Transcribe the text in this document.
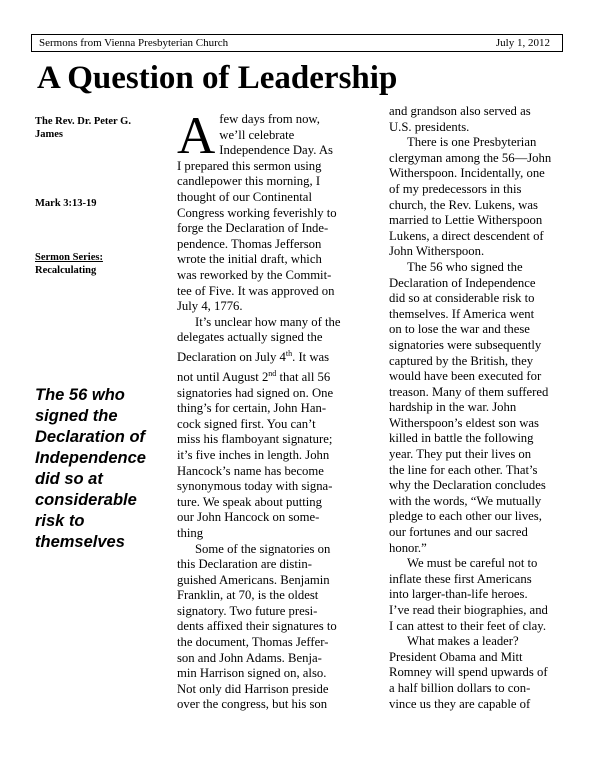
Sermons from Vienna Presbyterian Church	July 1, 2012
A Question of Leadership
The Rev. Dr. Peter G. James
Mark 3:13-19
Sermon Series:
Recalculating
The 56 who signed the Declaration of Independence did so at considerable risk to themselves
A few days from now,
we’ll celebrate
Independence Day. As
I prepared this sermon using
candlepower this morning, I
thought of our Continental
Congress working feverishly to
forge the Declaration of Inde-
pendence. Thomas Jefferson
wrote the initial draft, which
was reworked by the Commit-
tee of Five. It was approved on
July 4, 1776.
It’s unclear how many of the
delegates actually signed the
Declaration on July 4th. It was
not until August 2nd that all 56
signatories had signed on. One
thing’s for certain, John Han-
cock signed first. You can’t
miss his flamboyant signature;
it’s five inches in length. John
Hancock’s name has become
synonymous today with signa-
ture. We speak about putting
our John Hancock on some-
thing
Some of the signatories on
this Declaration are distin-
guished Americans. Benjamin
Franklin, at 70, is the oldest
signatory. Two future presi-
dents affixed their signatures to
the document, Thomas Jeffer-
son and John Adams. Benja-
min Harrison signed on, also.
Not only did Harrison preside
over the congress, but his son
and grandson also served as
U.S. presidents.
There is one Presbyterian
clergyman among the 56—John
Witherspoon. Incidentally, one
of my predecessors in this
church, the Rev. Lukens, was
married to Lettie Witherspoon
Lukens, a direct descendent of
John Witherspoon.
The 56 who signed the
Declaration of Independence
did so at considerable risk to
themselves. If America went
on to lose the war and these
signatories were subsequently
captured by the British, they
would have been executed for
treason. Many of them suffered
hardship in the war. John
Witherspoon’s eldest son was
killed in battle the following
year. They put their lives on
the line for each other. That’s
why the Declaration concludes
with the words, “We mutually
pledge to each other our lives,
our fortunes and our sacred
honor.”
We must be careful not to
inflate these first Americans
into larger-than-life heroes.
I’ve read their biographies, and
I can attest to their feet of clay.
What makes a leader?
President Obama and Mitt
Romney will spend upwards of
a half billion dollars to con-
vince us they are capable of
